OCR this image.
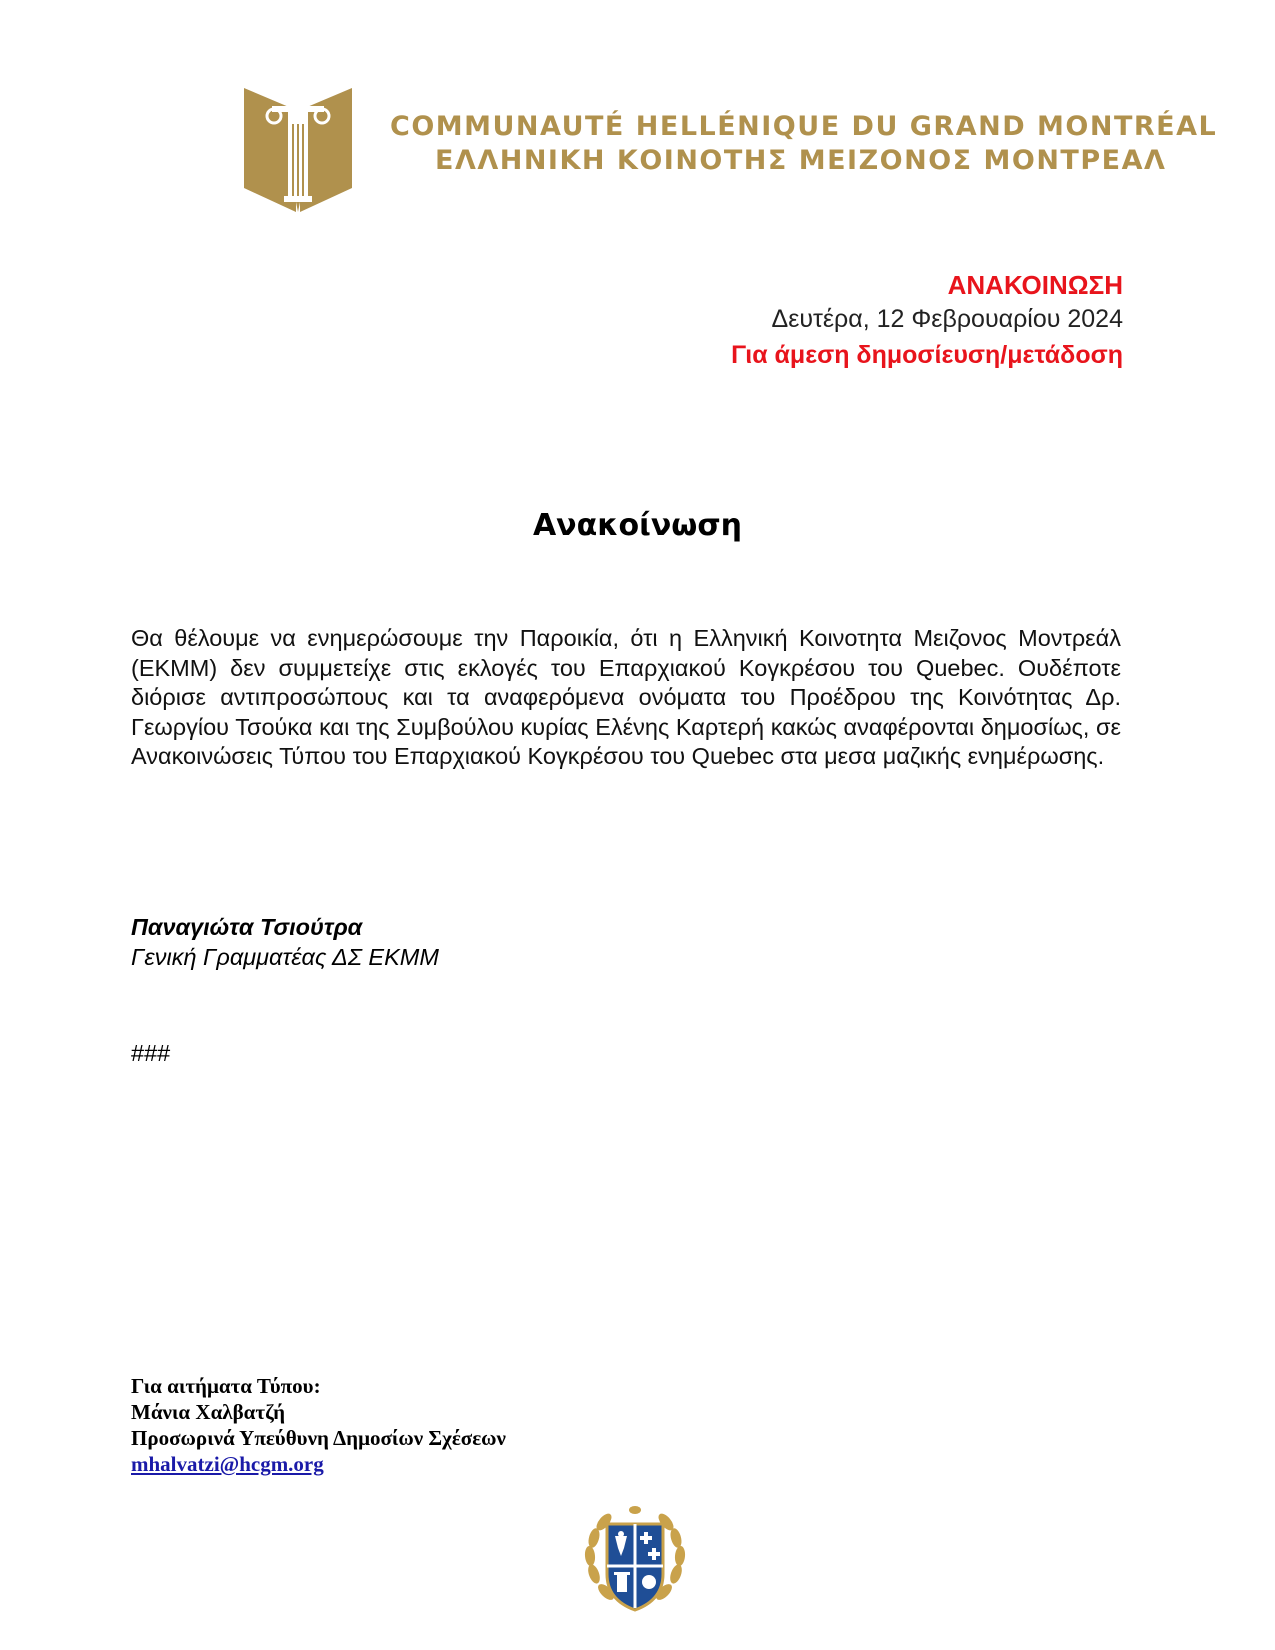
COMMUNAUTÉ HELLÉNIQUE DU GRAND MONTRÉAL
ΕΛΛΗΝΙΚΗ ΚΟΙΝΟΤΗΣ ΜΕΙΖΟΝΟΣ ΜΟΝΤΡΕΑΛ
ΑΝΑΚΟΙΝΩΣΗ
Δευτέρα, 12 Φεβρουαρίου 2024
Για άμεση δημοσίευση/μετάδοση
Ανακοίνωση
Θα θέλουμε να ενημερώσουμε την Παροικία, ότι η Ελληνική Κοινοτητα Μειζονος Μοντρεάλ (ΕΚΜΜ) δεν συμμετείχε στις εκλογές του Επαρχιακού Κογκρέσου του Quebec. Ουδέποτε διόρισε αντιπροσώπους και τα αναφερόμενα ονόματα του Προέδρου της Κοινότητας Δρ. Γεωργίου Τσούκα και της Συμβούλου κυρίας Ελένης Καρτερή κακώς αναφέρονται δημοσίως, σε Ανακοινώσεις Τύπου του Επαρχιακού Κογκρέσου του Quebec στα μεσα μαζικής ενημέρωσης.
Παναγιώτα Τσιούτρα
Γενική Γραμματέας ΔΣ ΕΚΜΜ
###
Για αιτήματα Τύπου:
Μάνια Χαλβατζή
Προσωρινά Υπεύθυνη Δημοσίων Σχέσεων
mhalvatzi@hcgm.org
